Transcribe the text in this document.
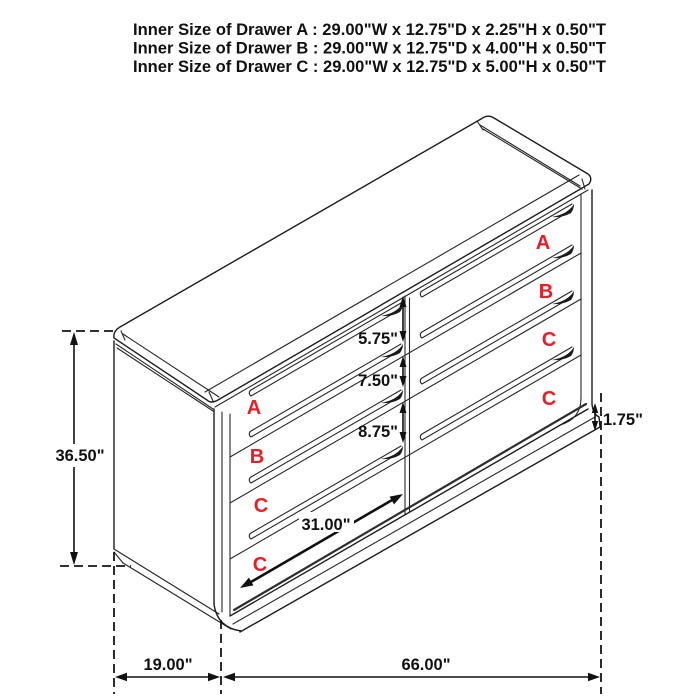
Inner Size of Drawer A : 29.00"W x 12.75"D x 2.25"H x 0.50"T
Inner Size of Drawer B : 29.00"W x 12.75"D x 4.00"H x 0.50"T
Inner Size of Drawer C : 29.00"W x 12.75"D x 5.00"H x 0.50"T
A
B
C
C
A
B
C
C
5.75"
7.50"
8.75"
31.00"
36.50"
1.75"
19.00"	66.00"
